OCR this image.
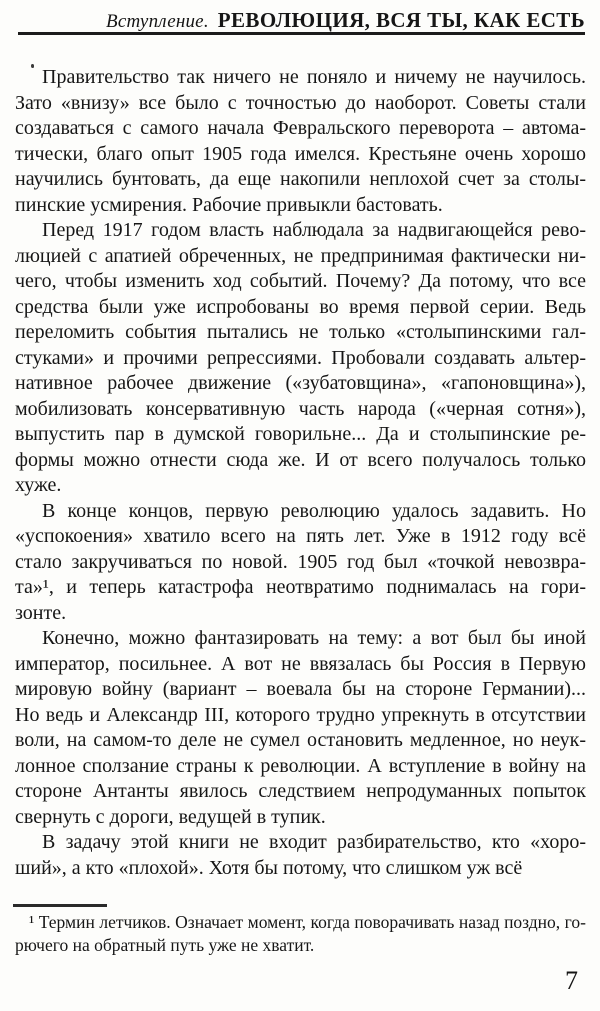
Вступление. РЕВОЛЮЦИЯ, ВСЯ ТЫ, КАК ЕСТЬ
Правительство так ничего не поняло и ничему не научилось.
Зато «внизу» все было с точностью до наоборот. Советы стали
создаваться с самого начала Февральского переворота – автома-
тически, благо опыт 1905 года имелся. Крестьяне очень хорошо
научились бунтовать, да еще накопили неплохой счет за столы-
пинские усмирения. Рабочие привыкли бастовать.
Перед 1917 годом власть наблюдала за надвигающейся рево-
люцией с апатией обреченных, не предпринимая фактически ни-
чего, чтобы изменить ход событий. Почему? Да потому, что все
средства были уже испробованы во время первой серии. Ведь
переломить события пытались не только «столыпинскими гал-
стуками» и прочими репрессиями. Пробовали создавать альтер-
нативное рабочее движение («зубатовщина», «гапоновщина»),
мобилизовать консервативную часть народа («черная сотня»),
выпустить пар в думской говорильне... Да и столыпинские ре-
формы можно отнести сюда же. И от всего получалось только
хуже.
В конце концов, первую революцию удалось задавить. Но
«успокоения» хватило всего на пять лет. Уже в 1912 году всё
стало закручиваться по новой. 1905 год был «точкой невозвра-
та»¹, и теперь катастрофа неотвратимо поднималась на гори-
зонте.
Конечно, можно фантазировать на тему: а вот был бы иной
император, посильнее. А вот не ввязалась бы Россия в Первую
мировую войну (вариант – воевала бы на стороне Германии)...
Но ведь и Александр III, которого трудно упрекнуть в отсутствии
воли, на самом-то деле не сумел остановить медленное, но неук-
лонное сползание страны к революции. А вступление в войну на
стороне Антанты явилось следствием непродуманных попыток
свернуть с дороги, ведущей в тупик.
В задачу этой книги не входит разбирательство, кто «хоро-
ший», а кто «плохой». Хотя бы потому, что слишком уж всё
¹ Термин летчиков. Означает момент, когда поворачивать назад поздно, го-
рючего на обратный путь уже не хватит.
7
